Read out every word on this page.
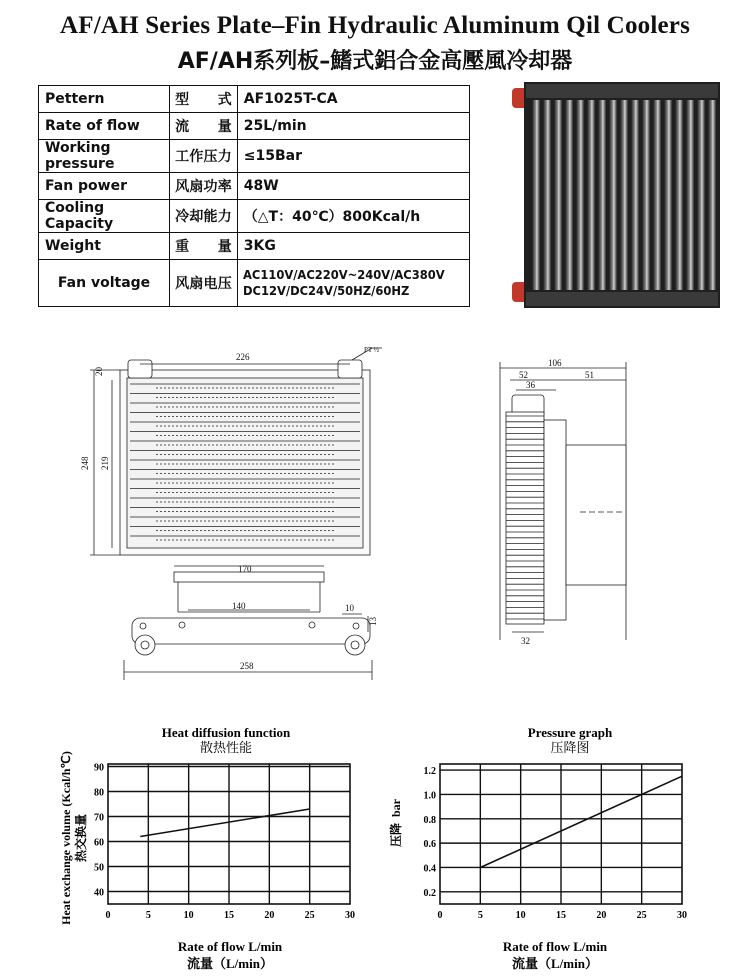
AF/AH Series Plate–Fin Hydraulic Aluminum Qil Coolers
AF/AH系列板–鰭式鋁合金高壓風冷却器
Pettern	型式	AF1025T-CA
Rate of flow	流量	25L/min
Working pressure	工作压力	≤15Bar
Fan power	风扇功率	48W
Cooling Capacity	冷却能力	（△T：40℃）800Kcal/h
Weight	重量	3KG
Fan voltage	风扇电压	AC110V/AC220V~240V/AC380V
DC12V/DC24V/50HZ/60HZ
226
20
248 219
PT ½
170
140	10
13
258
106
52	51
36
32
Heat diffusion function
散热性能
0	5	10	15	20	25	30
40
50
60
70
80
90
Rate of flow L/min
流量（L/min）
Heat exchange volume (Kcal/h℃) 热交换量
Pressure graph
压降图
0	5	10	15	20	25	30
0.2
0.4
0.6
0.8
1.0
1.2
Rate of flow L/min
流量（L/min）
压降
bar
